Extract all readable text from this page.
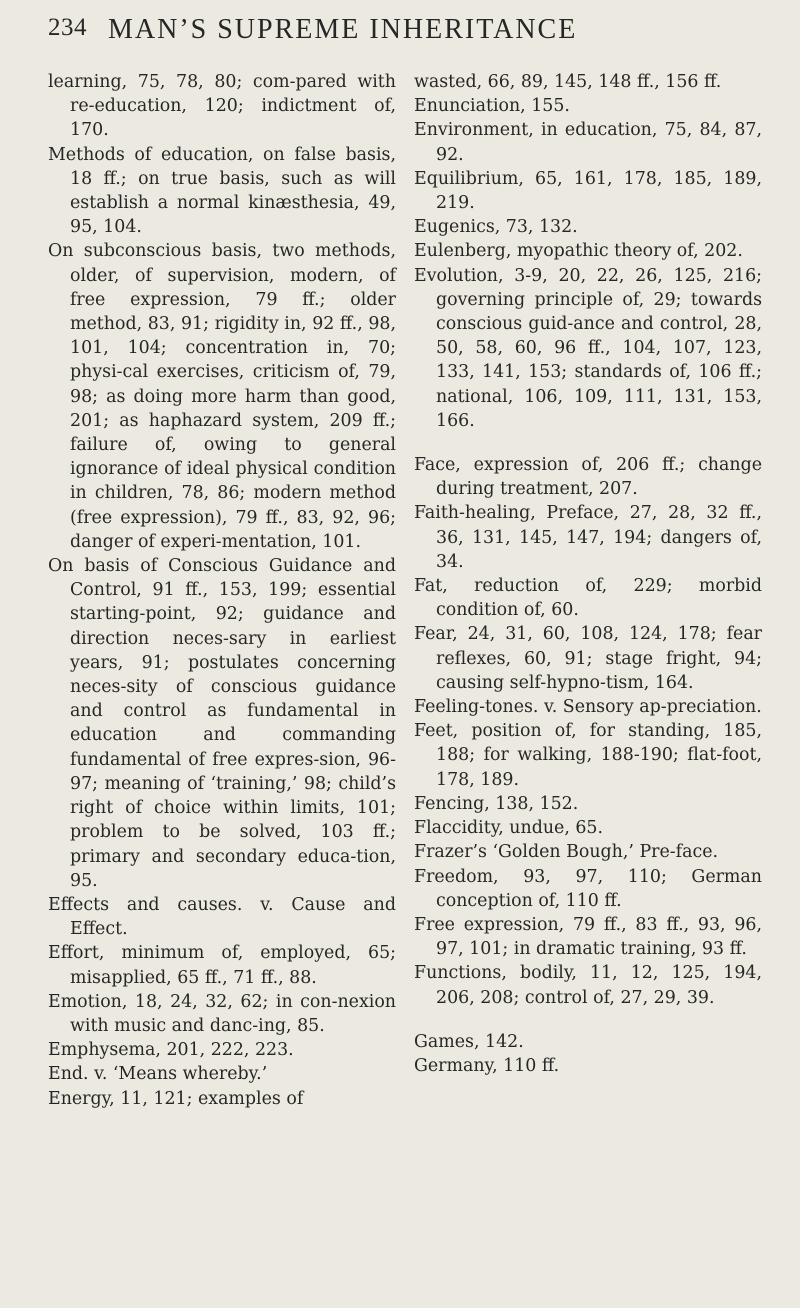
234 MAN’S SUPREME INHERITANCE

learning, 75, 78, 80; com-pared with re-education, 120; indictment of, 170.

Methods of education, on false basis, 18 ff.; on true basis, such as will establish a normal kinæsthesia, 49, 95, 104.

On subconscious basis, two methods, older, of supervision, modern, of free expression, 79 ff.; older method, 83, 91; rigidity in, 92 ff., 98, 101, 104; concentration in, 70; physi-cal exercises, criticism of, 79, 98; as doing more harm than good, 201; as haphazard system, 209 ff.; failure of, owing to general ignorance of ideal physical condition in children, 78, 86; modern method (free expression), 79 ff., 83, 92, 96; danger of experi-mentation, 101.

On basis of Conscious Guidance and Control, 91 ff., 153, 199; essential starting-point, 92; guidance and direction neces-sary in earliest years, 91; postulates concerning neces-sity of conscious guidance and control as fundamental in education and commanding fundamental of free expres-sion, 96-97; meaning of ‘training,’ 98; child’s right of choice within limits, 101; problem to be solved, 103 ff.; primary and secondary educa-tion, 95.

Effects and causes. v. Cause and Effect.

Effort, minimum of, employed, 65; misapplied, 65 ff., 71 ff., 88.

Emotion, 18, 24, 32, 62; in con-nexion with music and danc-ing, 85.

Emphysema, 201, 222, 223.

End. v. ‘Means whereby.’

Energy, 11, 121; examples of

wasted, 66, 89, 145, 148 ff., 156 ff.

Enunciation, 155.

Environment, in education, 75, 84, 87, 92.

Equilibrium, 65, 161, 178, 185, 189, 219.

Eugenics, 73, 132.

Eulenberg, myopathic theory of, 202.

Evolution, 3-9, 20, 22, 26, 125, 216; governing principle of, 29; towards conscious guid-ance and control, 28, 50, 58, 60, 96 ff., 104, 107, 123, 133, 141, 153; standards of, 106 ff.; national, 106, 109, 111, 131, 153, 166.

Face, expression of, 206 ff.; change during treatment, 207.

Faith-healing, Preface, 27, 28, 32 ff., 36, 131, 145, 147, 194; dangers of, 34.

Fat, reduction of, 229; morbid condition of, 60.

Fear, 24, 31, 60, 108, 124, 178; fear reflexes, 60, 91; stage fright, 94; causing self-hypno-tism, 164.

Feeling-tones. v. Sensory ap-preciation.

Feet, position of, for standing, 185, 188; for walking, 188-190; flat-foot, 178, 189.

Fencing, 138, 152.

Flaccidity, undue, 65.

Frazer’s ‘Golden Bough,’ Pre-face.

Freedom, 93, 97, 110; German conception of, 110 ff.

Free expression, 79 ff., 83 ff., 93, 96, 97, 101; in dramatic training, 93 ff.

Functions, bodily, 11, 12, 125, 194, 206, 208; control of, 27, 29, 39.

Games, 142.

Germany, 110 ff.
